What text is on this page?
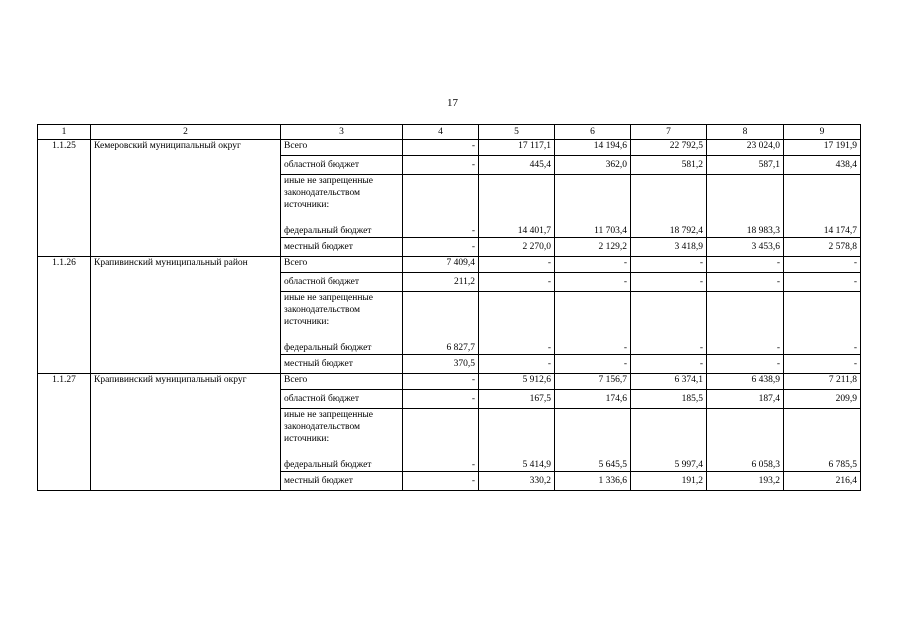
17
1	2	3	4	5	6	7	8	9
1.1.25	Кемеровский муниципальный округ	Всего	-	17 117,1	14 194,6	22 792,5	23 024,0	17 191,9
		областной бюджет	-	445,4	362,0	581,2	587,1	438,4
		иные не запрещенные законодательством источники:						
		федеральный бюджет	-	14 401,7	11 703,4	18 792,4	18 983,3	14 174,7
		местный бюджет	-	2 270,0	2 129,2	3 418,9	3 453,6	2 578,8
1.1.26	Крапивинский муниципальный район	Всего	7 409,4	-	-	-	-	-
		областной бюджет	211,2	-	-	-	-	-
		иные не запрещенные законодательством источники:						
		федеральный бюджет	6 827,7	-	-	-	-	-
		местный бюджет	370,5	-	-	-	-	-
1.1.27	Крапивинский муниципальный округ	Всего	-	5 912,6	7 156,7	6 374,1	6 438,9	7 211,8
		областной бюджет	-	167,5	174,6	185,5	187,4	209,9
		иные не запрещенные законодательством источники:						
		федеральный бюджет	-	5 414,9	5 645,5	5 997,4	6 058,3	6 785,5
		местный бюджет	-	330,2	1 336,6	191,2	193,2	216,4
